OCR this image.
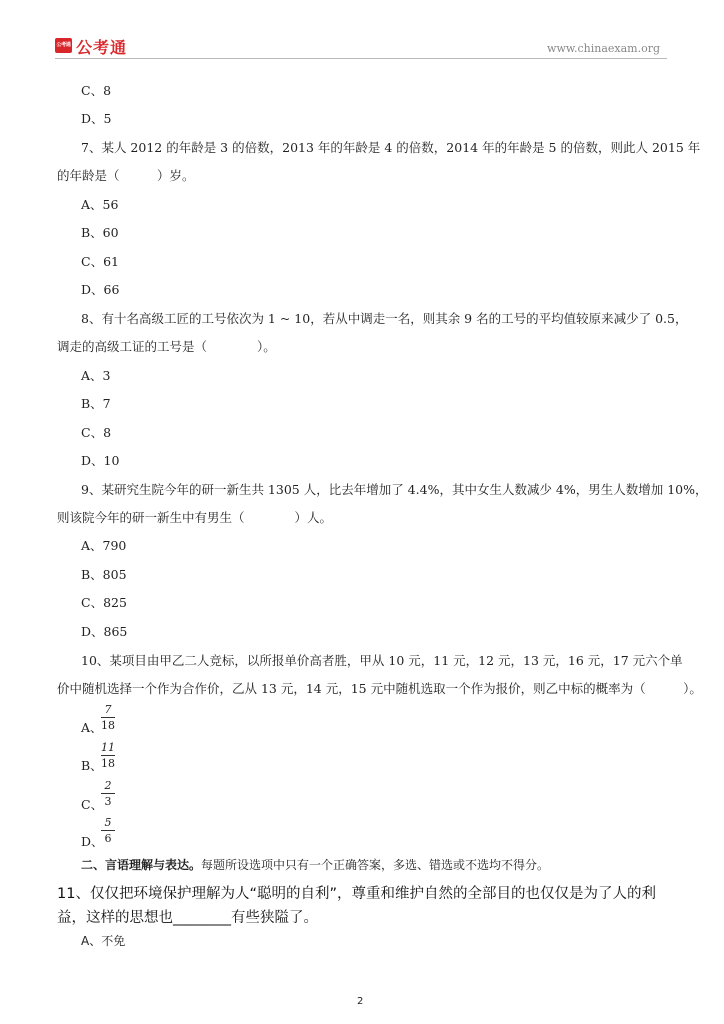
公考通 公考通	www.chinaexam.org
C、8
D、5
7、某人 2012 的年龄是 3 的倍数，2013 年的年龄是 4 的倍数，2014 年的年龄是 5 的倍数，则此人 2015 年
的年龄是（　　　）岁。
A、56
B、60
C、61
D、66
8、有十名高级工匠的工号依次为 1 ~ 10，若从中调走一名，则其余 9 名的工号的平均值较原来减少了 0.5，
调走的高级工证的工号是（　　　　）。
A、3
B、7
C、8
D、10
9、某研究生院今年的研一新生共 1305 人，比去年增加了 4.4%，其中女生人数减少 4%，男生人数增加 10%，
则该院今年的研一新生中有男生（　　　　）人。
A、790
B、805
C、825
D、865
10、某项目由甲乙二人竞标，以所报单价高者胜，甲从 10 元，11 元，12 元，13 元，16 元，17 元六个单
价中随机选择一个作为合作价，乙从 13 元，14 元，15 元中随机选取一个作为报价，则乙中标的概率为（　　　）。
A、
7
18
B、
11
18
C、
2
3
D、
5
6
二、言语理解与表达。每题所设选项中只有一个正确答案，多选、错选或不选均不得分。
11、仅仅把环境保护理解为人“聪明的自利”，尊重和维护自然的全部目的也仅仅是为了人的利
益，这样的思想也________有些狭隘了。
A、不免
2
